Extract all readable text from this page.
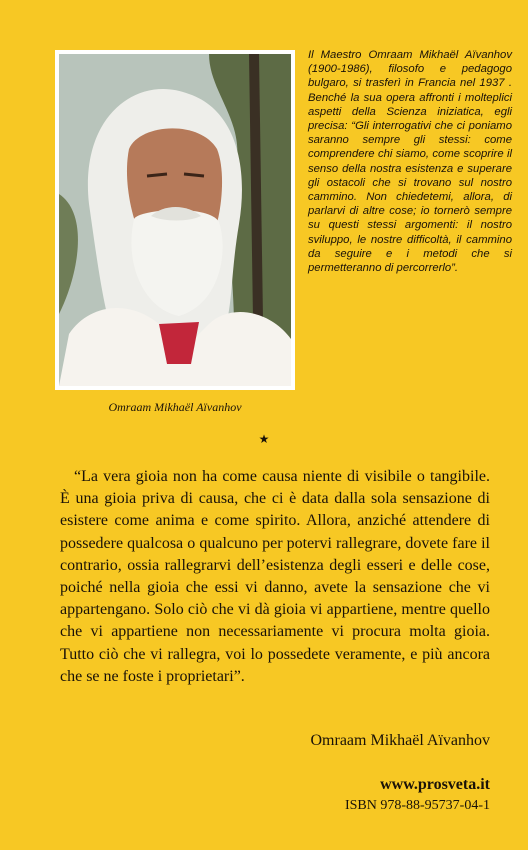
Omraam Mikhaël Aïvanhov
Il Maestro Omraam Mikhaël Aïvanhov (1900-1986), filosofo e pedagogo bulgaro, si trasferì in Francia nel 1937 . Benché la sua opera affronti i molteplici aspetti della Scienza iniziatica, egli precisa: “Gli interrogativi che ci poniamo saranno sempre gli stessi: come comprendere chi siamo, come scoprire il senso della nostra esistenza e superare gli ostacoli che si trovano sul nostro cammino. Non chiedetemi, allora, di parlarvi di altre cose; io tornerò sempre su questi stessi argomenti: il nostro sviluppo, le nostre difficoltà, il cammino da seguire e i metodi che si permetteranno di percorrerlo”.
★
“La vera gioia non ha come causa niente di visibile o tangibile. È una gioia priva di causa, che ci è data dalla sola sensazione di esistere come anima e come spirito. Allora, anziché attendere di possedere qualcosa o qualcuno per potervi rallegrare, dovete fare il contrario, ossia rallegrarvi dell’esistenza degli esseri e delle cose, poiché nella gioia che essi vi danno, avete la sensazione che vi appartengano. Solo ciò che vi dà gioia vi appartiene, mentre quello che vi appartiene non necessariamente vi procura molta gioia. Tutto ciò che vi rallegra, voi lo possedete veramente, e più ancora che se ne foste i proprietari”.
Omraam Mikhaël Aïvanhov
www.prosveta.it
ISBN 978-88-95737-04-1
